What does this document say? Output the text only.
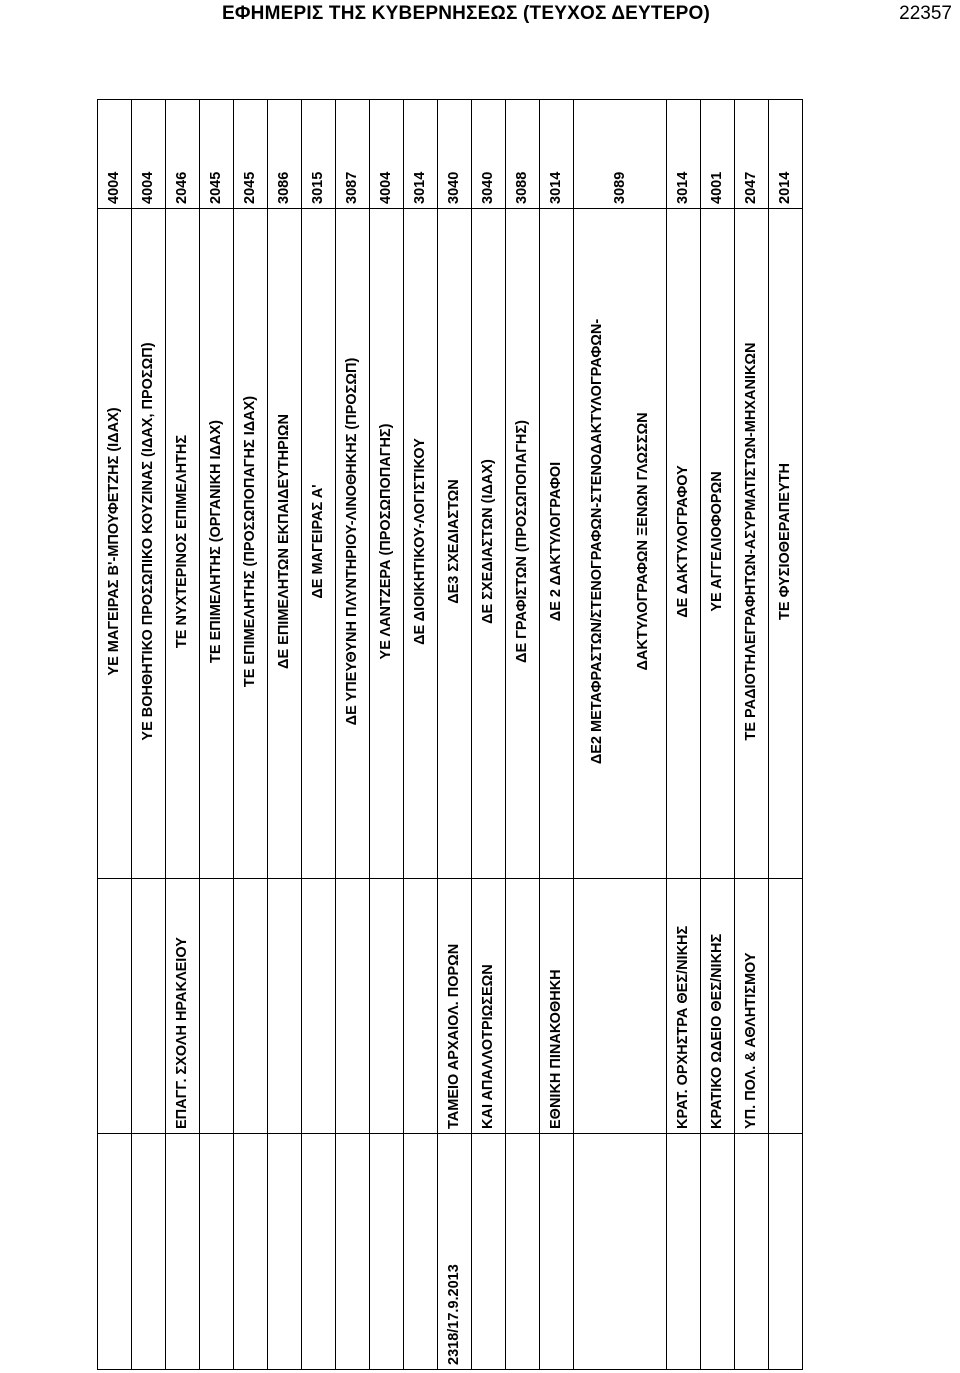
ΕΦΗΜΕΡΙΣ ΤΗΣ ΚΥΒΕΡΝΗΣΕΩΣ (ΤΕΥΧΟΣ ΔΕΥΤΕΡΟ)	22357
		ΥΕ ΜΑΓΕΙΡΑΣ Β'-ΜΠΟΥΦΕΤΖΗΣ (ΙΔΑΧ)	4004
		ΥΕ ΒΟΗΘΗΤΙΚΟ ΠΡΟΣΩΠΙΚΟ ΚΟΥΖΙΝΑΣ (ΙΔΑΧ, ΠΡΟΣΩΠ)	4004
	ΕΠΑΓΓ. ΣΧΟΛΗ ΗΡΑΚΛΕΙΟΥ	ΤΕ ΝΥΧΤΕΡΙΝΟΣ ΕΠΙΜΕΛΗΤΗΣ	2046
		ΤΕ ΕΠΙΜΕΛΗΤΗΣ (ΟΡΓΑΝΙΚΗ ΙΔΑΧ)	2045
		ΤΕ ΕΠΙΜΕΛΗΤΗΣ (ΠΡΟΣΩΠΟΠΑΓΗΣ ΙΔΑΧ)	2045
		ΔΕ ΕΠΙΜΕΛΗΤΩΝ ΕΚΠΑΙΔΕΥΤΗΡΙΩΝ	3086
		ΔΕ ΜΑΓΕΙΡΑΣ Α'	3015
		ΔΕ ΥΠΕΥΘΥΝΗ ΠΛΥΝΤΗΡΙΟΥ-ΛΙΝΟΘΗΚΗΣ (ΠΡΟΣΩΠ)	3087
		ΥΕ ΛΑΝΤΖΕΡΑ (ΠΡΟΣΩΠΟΠΑΓΗΣ)	4004
		ΔΕ ΔΙΟΙΚΗΤΙΚΟΥ-ΛΟΓΙΣΤΙΚΟΥ	3014
2318/17.9.2013	ΤΑΜΕΙΟ ΑΡΧΑΙΟΛ. ΠΟΡΩΝ	ΔΕ3 ΣΧΕΔΙΑΣΤΩΝ	3040
	ΚΑΙ ΑΠΑΛΛΟΤΡΙΩΣΕΩΝ	ΔΕ ΣΧΕΔΙΑΣΤΩΝ (ΙΔΑΧ)	3040
		ΔΕ ΓΡΑΦΙΣΤΩΝ (ΠΡΟΣΩΠΟΠΑΓΗΣ)	3088
	ΕΘΝΙΚΗ ΠΙΝΑΚΟΘΗΚΗ	ΔΕ 2 ΔΑΚΤΥΛΟΓΡΑΦΟΙ	3014

		ΔΕ2 ΜΕΤΑΦΡΑΣΤΩΝ/ΣΤΕΝΟΓΡΑΦΩΝ-ΣΤΕΝΟΔΑΚΤΥΛΟΓΡΑΦΩΝ- ΔΑΚΤΥΛΟΓΡΑΦΩΝ ΞΕΝΩΝ ΓΛΩΣΣΩΝ	3089
	ΚΡΑΤ. ΟΡΧΗΣΤΡΑ ΘΕΣ/ΝΙΚΗΣ	ΔΕ ΔΑΚΤΥΛΟΓΡΑΦΟΥ	3014
	ΚΡΑΤΙΚΟ ΩΔΕΙΟ ΘΕΣ/ΝΙΚΗΣ	ΥΕ ΑΓΓΕΛΙΟΦΟΡΩΝ	4001
	ΥΠ. ΠΟΛ. & ΑΘΛΗΤΙΣΜΟΥ	ΤΕ ΡΑΔΙΟΤΗΛΕΓΡΑΦΗΤΩΝ-ΑΣΥΡΜΑΤΙΣΤΩΝ-ΜΗΧΑΝΙΚΩΝ	2047
		ΤΕ ΦΥΣΙΟΘΕΡΑΠΕΥΤΗ	2014
